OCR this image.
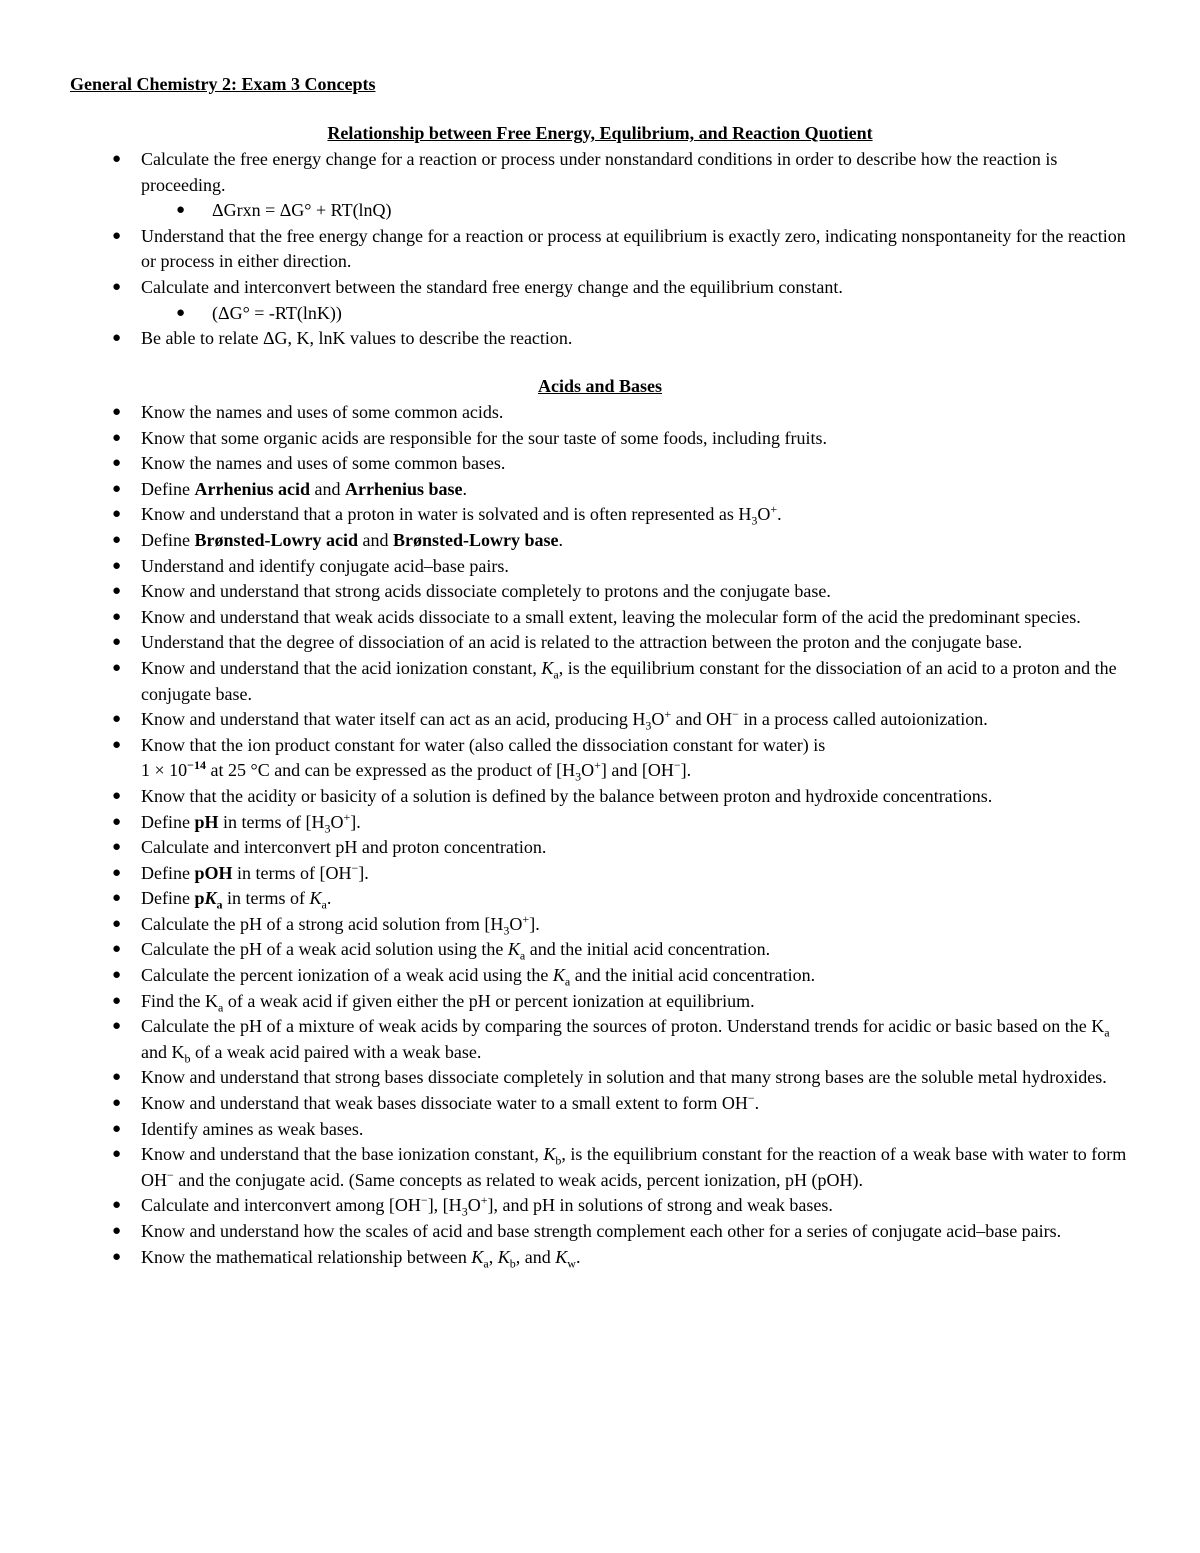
General Chemistry 2: Exam 3 Concepts
Relationship between Free Energy, Equlibrium, and Reaction Quotient
● Calculate the free energy change for a reaction or process under nonstandard conditions in order to describe how the reaction is proceeding.
● ΔGrxn = ΔG° + RT(lnQ)
● Understand that the free energy change for a reaction or process at equilibrium is exactly zero, indicating nonspontaneity for the reaction or process in either direction.
● Calculate and interconvert between the standard free energy change and the equilibrium constant.
● (ΔG° = -RT(lnK))
● Be able to relate ΔG, K, lnK values to describe the reaction.
Acids and Bases
● Know the names and uses of some common acids.
● Know that some organic acids are responsible for the sour taste of some foods, including fruits.
● Know the names and uses of some common bases.
● Define Arrhenius acid and Arrhenius base.
● Know and understand that a proton in water is solvated and is often represented as $H_3O^+$.
● Define Brønsted-Lowry acid and Brønsted-Lowry base.
● Understand and identify conjugate acid–base pairs.
● Know and understand that strong acids dissociate completely to protons and the conjugate base.
● Know and understand that weak acids dissociate to a small extent, leaving the molecular form of the acid the predominant species.
● Understand that the degree of dissociation of an acid is related to the attraction between the proton and the conjugate base.
● Know and understand that the acid ionization constant, $K_a$, is the equilibrium constant for the dissociation of an acid to a proton and the conjugate base.
● Know and understand that water itself can act as an acid, producing $H_3O^+$ and OH− in a process called autoionization.
● Know that the ion product constant for water (also called the dissociation constant for water) is
$1 \times 10^{-14}$ at 25 °C and can be expressed as the product of $[H_3O^+]$ and [OH−].
● Know that the acidity or basicity of a solution is defined by the balance between proton and hydroxide concentrations.
● Define pH in terms of $[H_3O^+]$.
● Calculate and interconvert pH and proton concentration.
● Define pOH in terms of [OH−].
● Define $pK_a$ in terms of $K_a$.
● Calculate the pH of a strong acid solution from $[H_3O^+]$.
● Calculate the pH of a weak acid solution using the $K_a$ and the initial acid concentration.
● Calculate the percent ionization of a weak acid using the $K_a$ and the initial acid concentration.
● Find the $K_a$ of a weak acid if given either the pH or percent ionization at equilibrium.
● Calculate the pH of a mixture of weak acids by comparing the sources of proton. Understand trends for acidic or basic based on the $K_a$ and $K_b$ of a weak acid paired with a weak base.
● Know and understand that strong bases dissociate completely in solution and that many strong bases are the soluble metal hydroxides.
● Know and understand that weak bases dissociate water to a small extent to form OH−.
● Identify amines as weak bases.
● Know and understand that the base ionization constant, $K_b$, is the equilibrium constant for the reaction of a weak base with water to form OH− and the conjugate acid. (Same concepts as related to weak acids, percent ionization, pH (pOH).
● Calculate and interconvert among [OH−], $[H_3O^+]$, and pH in solutions of strong and weak bases.
● Know and understand how the scales of acid and base strength complement each other for a series of conjugate acid–base pairs.
● Know the mathematical relationship between $K_a$, $K_b$, and $K_w$.
